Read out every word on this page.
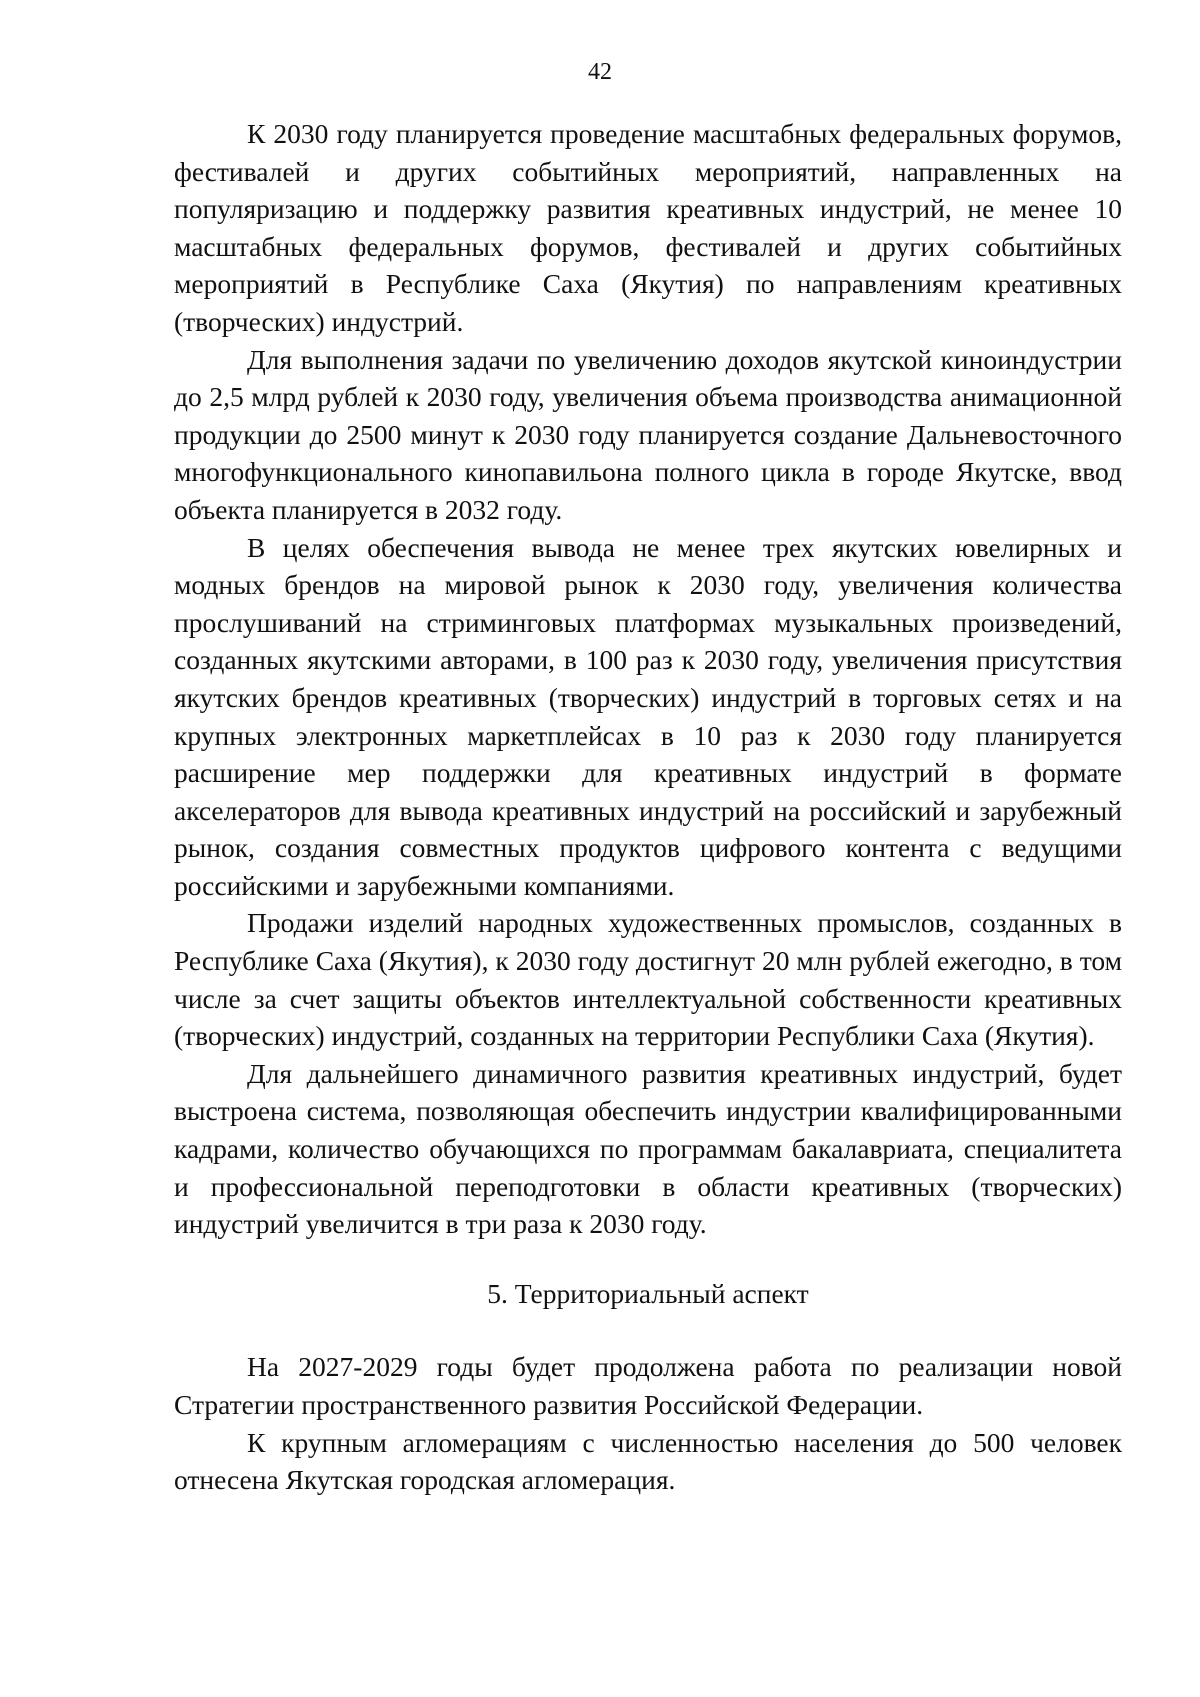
42

К 2030 году планируется проведение масштабных федеральных форумов, фестивалей и других событийных мероприятий, направленных на популяризацию и поддержку развития креативных индустрий, не менее 10 масштабных федеральных форумов, фестивалей и других событийных мероприятий в Республике Саха (Якутия) по направлениям креативных (творческих) индустрий.

Для выполнения задачи по увеличению доходов якутской киноиндустрии до 2,5 млрд рублей к 2030 году, увеличения объема производства анимационной продукции до 2500 минут к 2030 году планируется создание Дальневосточного многофункционального кинопавильона полного цикла в городе Якутске, ввод объекта планируется в 2032 году.

В целях обеспечения вывода не менее трех якутских ювелирных и модных брендов на мировой рынок к 2030 году, увеличения количества прослушиваний на стриминговых платформах музыкальных произведений, созданных якутскими авторами, в 100 раз к 2030 году, увеличения присутствия якутских брендов креативных (творческих) индустрий в торговых сетях и на крупных электронных маркетплейсах в 10 раз к 2030 году планируется расширение мер поддержки для креативных индустрий в формате акселераторов для вывода креативных индустрий на российский и зарубежный рынок, создания совместных продуктов цифрового контента с ведущими российскими и зарубежными компаниями.

Продажи изделий народных художественных промыслов, созданных в Республике Саха (Якутия), к 2030 году достигнут 20 млн рублей ежегодно, в том числе за счет защиты объектов интеллектуальной собственности креативных (творческих) индустрий, созданных на территории Республики Саха (Якутия).

Для дальнейшего динамичного развития креативных индустрий, будет выстроена система, позволяющая обеспечить индустрии квалифицированными кадрами, количество обучающихся по программам бакалавриата, специалитета и профессиональной переподготовки в области креативных (творческих) индустрий увеличится в три раза к 2030 году.

5. Территориальный аспект

На 2027-2029 годы будет продолжена работа по реализации новой Стратегии пространственного развития Российской Федерации.

К крупным агломерациям с численностью населения до 500 человек отнесена Якутская городская агломерация.
